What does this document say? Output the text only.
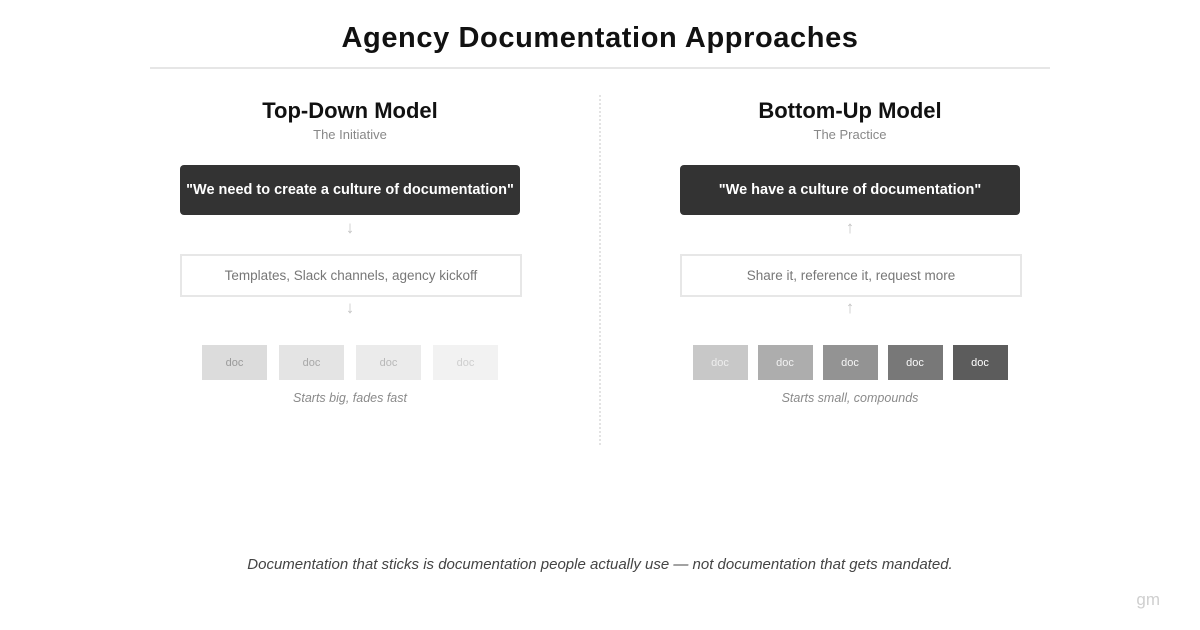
Agency Documentation Approaches
Top-Down Model
The Initiative
"We need to create a culture of documentation"
↓
Templates, Slack channels, agency kickoff
↓
doc	doc	doc	doc
Starts big, fades fast
Bottom-Up Model
The Practice
"We have a culture of documentation"
↑
Share it, reference it, request more
↑
doc	doc	doc	doc	doc
Starts small, compounds
Documentation that sticks is documentation people actually use — not documentation that gets mandated.
gm
